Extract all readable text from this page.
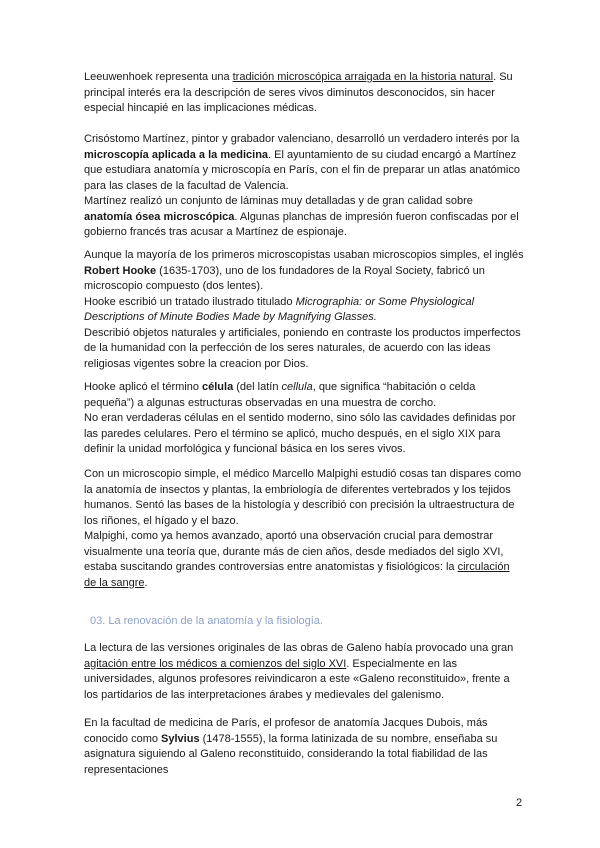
Leeuwenhoek representa una tradición microscópica arraigada en la historia natural. Su principal interés era la descripción de seres vivos diminutos desconocidos, sin hacer especial hincapié en las implicaciones médicas.

Crisóstomo Martínez, pintor y grabador valenciano, desarrolló un verdadero interés por la microscopía aplicada a la medicina. El ayuntamiento de su ciudad encargó a Martínez que estudiara anatomía y microscopía en París, con el fin de preparar un atlas anatómico para las clases de la facultad de Valencia.
Martínez realizó un conjunto de láminas muy detalladas y de gran calidad sobre anatomía ósea microscópica. Algunas planchas de impresión fueron confiscadas por el gobierno francés tras acusar a Martínez de espionaje.

Aunque la mayoría de los primeros microscopistas usaban microscopios simples, el inglés Robert Hooke (1635-1703), uno de los fundadores de la Royal Society, fabricó un microscopio compuesto (dos lentes).
Hooke escribió un tratado ilustrado titulado Micrographia: or Some Physiological Descriptions of Minute Bodies Made by Magnifying Glasses.
Describió objetos naturales y artificiales, poniendo en contraste los productos imperfectos de la humanidad con la perfección de los seres naturales, de acuerdo con las ideas religiosas vigentes sobre la creacion por Dios.

Hooke aplicó el término célula (del latín cellula, que significa “habitación o celda pequeña”) a algunas estructuras observadas en una muestra de corcho.
No eran verdaderas células en el sentido moderno, sino sólo las cavidades definidas por las paredes celulares. Pero el término se aplicó, mucho después, en el siglo XIX para definir la unidad morfológica y funcional básica en los seres vivos.

Con un microscopio simple, el médico Marcello Malpighi estudió cosas tan dispares como la anatomía de insectos y plantas, la embriología de diferentes vertebrados y los tejidos humanos. Sentó las bases de la histología y describió con precisión la ultraestructura de los riñones, el hígado y el bazo.
Malpighi, como ya hemos avanzado, aportó una observación crucial para demostrar visualmente una teoría que, durante más de cien años, desde mediados del siglo XVI, estaba suscitando grandes controversias entre anatomistas y fisiológicos: la circulación de la sangre.

03. La renovación de la anatomía y la fisiología.

La lectura de las versiones originales de las obras de Galeno había provocado una gran agitación entre los médicos a comienzos del siglo XVI. Especialmente en las universidades, algunos profesores reivindicaron a este «Galeno reconstituido», frente a los partidarios de las interpretaciones árabes y medievales del galenismo.

En la facultad de medicina de París, el profesor de anatomía Jacques Dubois, más conocido como Sylvius (1478-1555), la forma latinizada de su nombre, enseñaba su asignatura siguiendo al Galeno reconstituido, considerando la total fiabilidad de las representaciones

2
